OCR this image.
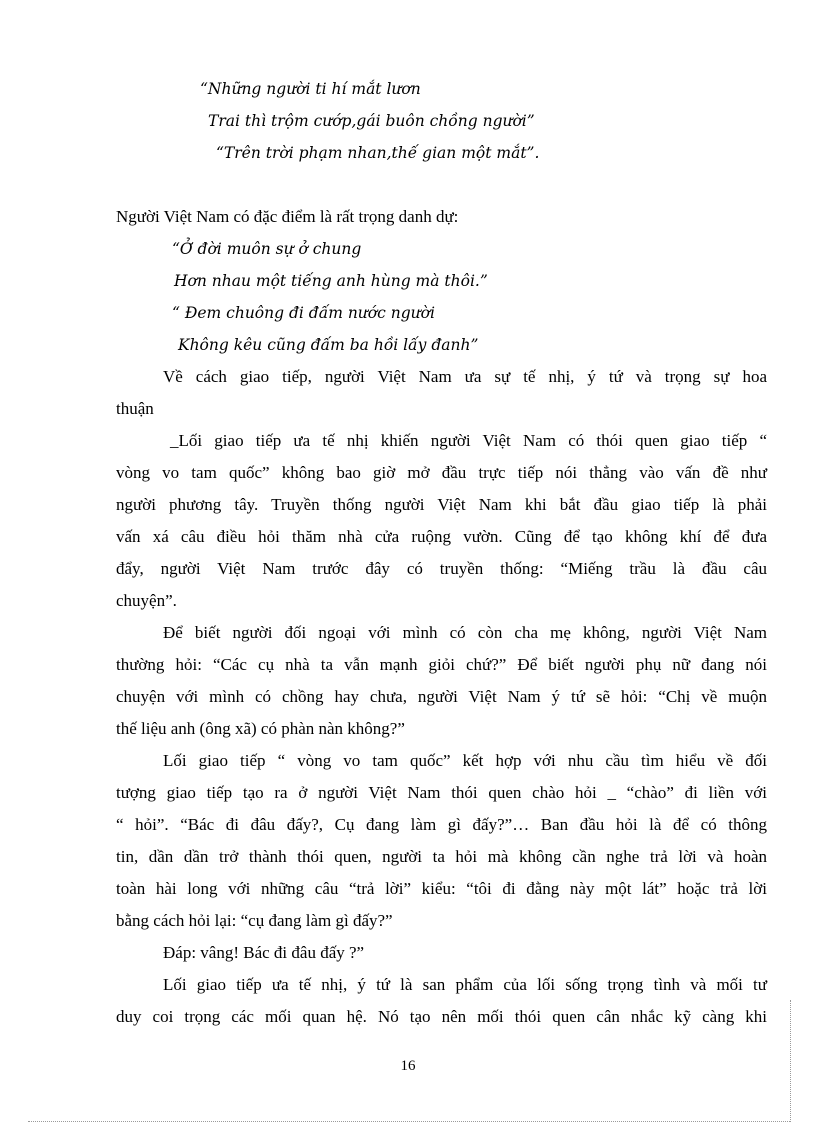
“Những người ti hí mắt lươn
Trai thì trộm cướp,gái buôn chồng người”
“Trên trời phạm nhan,thế gian một mắt”.
Người Việt Nam có đặc điểm là rất trọng danh dự:
“Ở đời muôn sự ở chung
Hơn nhau một tiếng anh hùng mà thôi.”
“ Đem chuông đi đấm nước người
Không kêu cũng đấm ba hồi lấy đanh”
Về cách giao tiếp, người Việt Nam ưa sự tế nhị, ý tứ và trọng sự hoa
thuận
_Lối giao tiếp ưa tế nhị khiến người Việt Nam có thói quen giao tiếp “
vòng vo tam quốc” không bao giờ mở đầu trực tiếp nói thẳng vào vấn đề như
người phương tây. Truyền thống người Việt Nam khi bắt đầu giao tiếp là phải
vấn xá câu điều hỏi thăm nhà cửa ruộng vườn. Cũng để tạo không khí để đưa
đẩy, người Việt Nam trước đây có truyền thống: “Miếng trầu là đầu câu
chuyện”.
Để biết người đối ngoại với mình có còn cha mẹ không, người Việt Nam
thường hỏi: “Các cụ nhà ta vẫn mạnh giỏi chứ?” Để biết người phụ nữ đang nói
chuyện với mình có chồng hay chưa, người Việt Nam ý tứ sẽ hỏi: “Chị về muộn
thế liệu anh (ông xã) có phàn nàn không?”
Lối giao tiếp “ vòng vo tam quốc” kết hợp với nhu cầu tìm hiểu về đối
tượng giao tiếp tạo ra ở người Việt Nam thói quen chào hỏi _ “chào” đi liền với
“ hỏi”. “Bác đi đâu đấy?, Cụ đang làm gì đấy?”… Ban đầu hỏi là để có thông
tin, dần dần trở thành thói quen, người ta hỏi mà không cần nghe trả lời và hoàn
toàn hài long với những câu “trả lời” kiểu: “tôi đi đằng này một lát” hoặc trả lời
bằng cách hỏi lại: “cụ đang làm gì đấy?”
Đáp: vâng! Bác đi đâu đấy ?”
Lối giao tiếp ưa tế nhị, ý tứ là san phẩm của lối sống trọng tình và mối tư
duy coi trọng các mối quan hệ. Nó tạo nên mối thói quen cân nhắc kỹ càng khi
16
